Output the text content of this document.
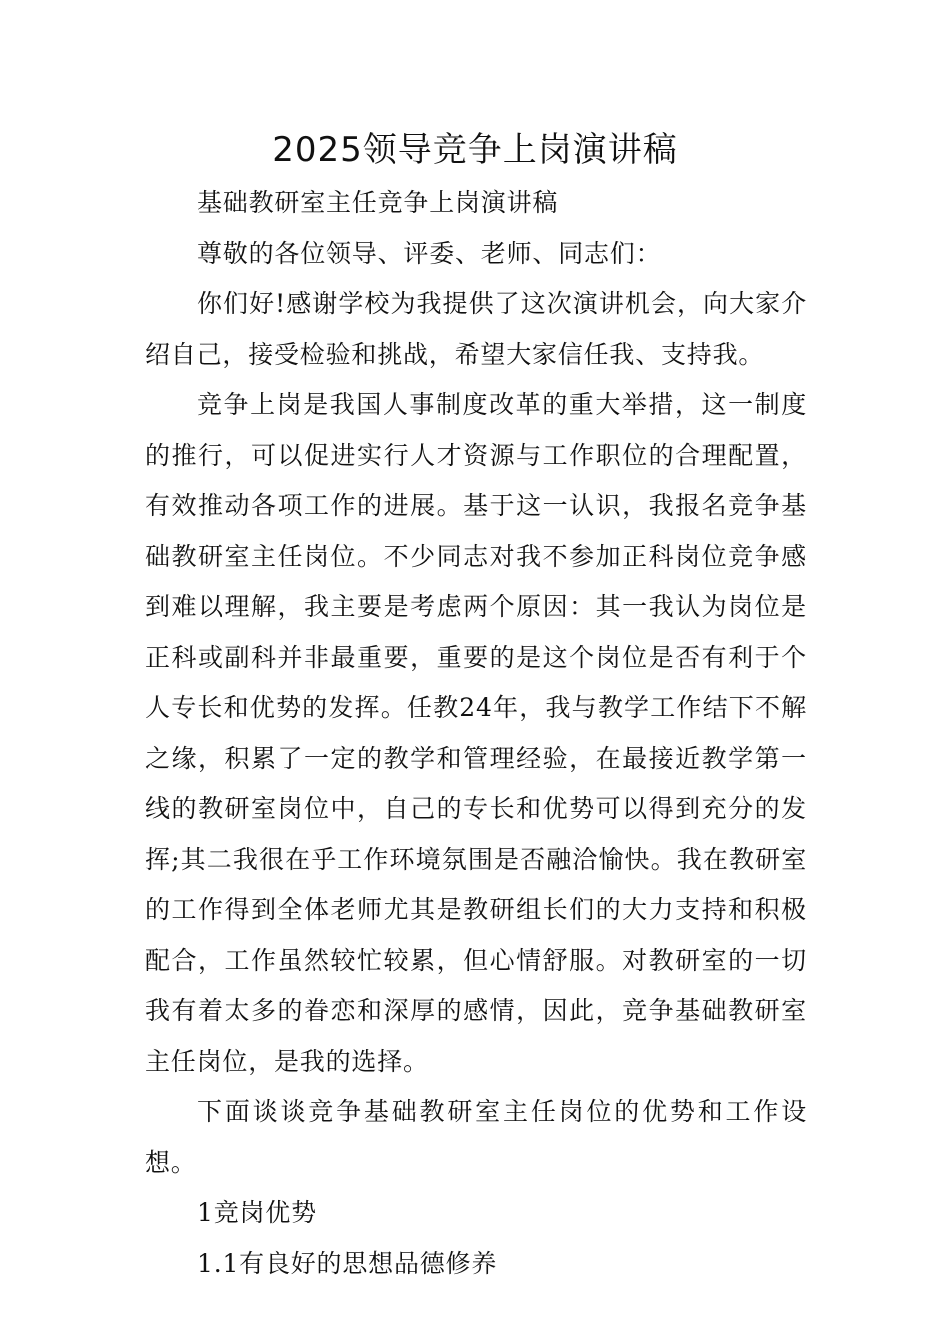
2025领导竞争上岗演讲稿

基础教研室主任竞争上岗演讲稿

尊敬的各位领导、评委、老师、同志们：

你们好!感谢学校为我提供了这次演讲机会，向大家介绍自己，接受检验和挑战，希望大家信任我、支持我。

竞争上岗是我国人事制度改革的重大举措，这一制度的推行，可以促进实行人才资源与工作职位的合理配置，有效推动各项工作的进展。基于这一认识，我报名竞争基础教研室主任岗位。不少同志对我不参加正科岗位竞争感到难以理解，我主要是考虑两个原因：其一我认为岗位是正科或副科并非最重要，重要的是这个岗位是否有利于个人专长和优势的发挥。任教24年，我与教学工作结下不解之缘，积累了一定的教学和管理经验，在最接近教学第一线的教研室岗位中，自己的专长和优势可以得到充分的发挥;其二我很在乎工作环境氛围是否融洽愉快。我在教研室的工作得到全体老师尤其是教研组长们的大力支持和积极配合，工作虽然较忙较累，但心情舒服。对教研室的一切我有着太多的眷恋和深厚的感情，因此，竞争基础教研室主任岗位，是我的选择。

下面谈谈竞争基础教研室主任岗位的优势和工作设想。

1竞岗优势

1.1有良好的思想品德修养
